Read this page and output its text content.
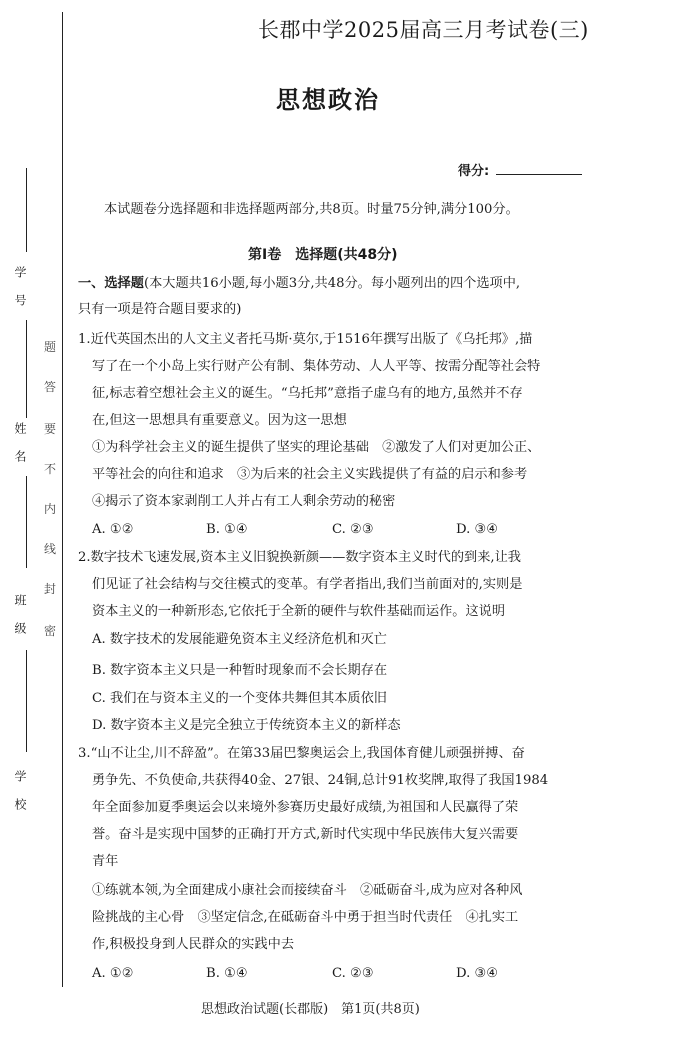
学　号
姓　名
班　级
学　校
题
答
要
不
内
线
封
密
长郡中学2025届高三月考试卷(三)
思想政治
得分:
本试题卷分选择题和非选择题两部分,共8页。时量75分钟,满分100分。
第Ⅰ卷　选择题(共48分)
一、选择题(本大题共16小题,每小题3分,共48分。每小题列出的四个选项中,
只有一项是符合题目要求的)
1.近代英国杰出的人文主义者托马斯·莫尔,于1516年撰写出版了《乌托邦》,描
写了在一个小岛上实行财产公有制、集体劳动、人人平等、按需分配等社会特
征,标志着空想社会主义的诞生。“乌托邦”意指子虚乌有的地方,虽然并不存
在,但这一思想具有重要意义。因为这一思想
①为科学社会主义的诞生提供了坚实的理论基础　②激发了人们对更加公正、
平等社会的向往和追求　③为后来的社会主义实践提供了有益的启示和参考
④揭示了资本家剥削工人并占有工人剩余劳动的秘密
A. ①②	B. ①④	C. ②③	D. ③④
2.数字技术飞速发展,资本主义旧貌换新颜——数字资本主义时代的到来,让我
们见证了社会结构与交往模式的变革。有学者指出,我们当前面对的,实则是
资本主义的一种新形态,它依托于全新的硬件与软件基础而运作。这说明
A. 数字技术的发展能避免资本主义经济危机和灭亡
B. 数字资本主义只是一种暂时现象而不会长期存在
C. 我们在与资本主义的一个变体共舞但其本质依旧
D. 数字资本主义是完全独立于传统资本主义的新样态
3.“山不让尘,川不辞盈”。在第33届巴黎奥运会上,我国体育健儿顽强拼搏、奋
勇争先、不负使命,共获得40金、27银、24铜,总计91枚奖牌,取得了我国1984
年全面参加夏季奥运会以来境外参赛历史最好成绩,为祖国和人民赢得了荣
誉。奋斗是实现中国梦的正确打开方式,新时代实现中华民族伟大复兴需要
青年
①练就本领,为全面建成小康社会而接续奋斗　②砥砺奋斗,成为应对各种风
险挑战的主心骨　③坚定信念,在砥砺奋斗中勇于担当时代责任　④扎实工
作,积极投身到人民群众的实践中去
A. ①②	B. ①④	C. ②③	D. ③④
思想政治试题(长郡版)　第1页(共8页)
